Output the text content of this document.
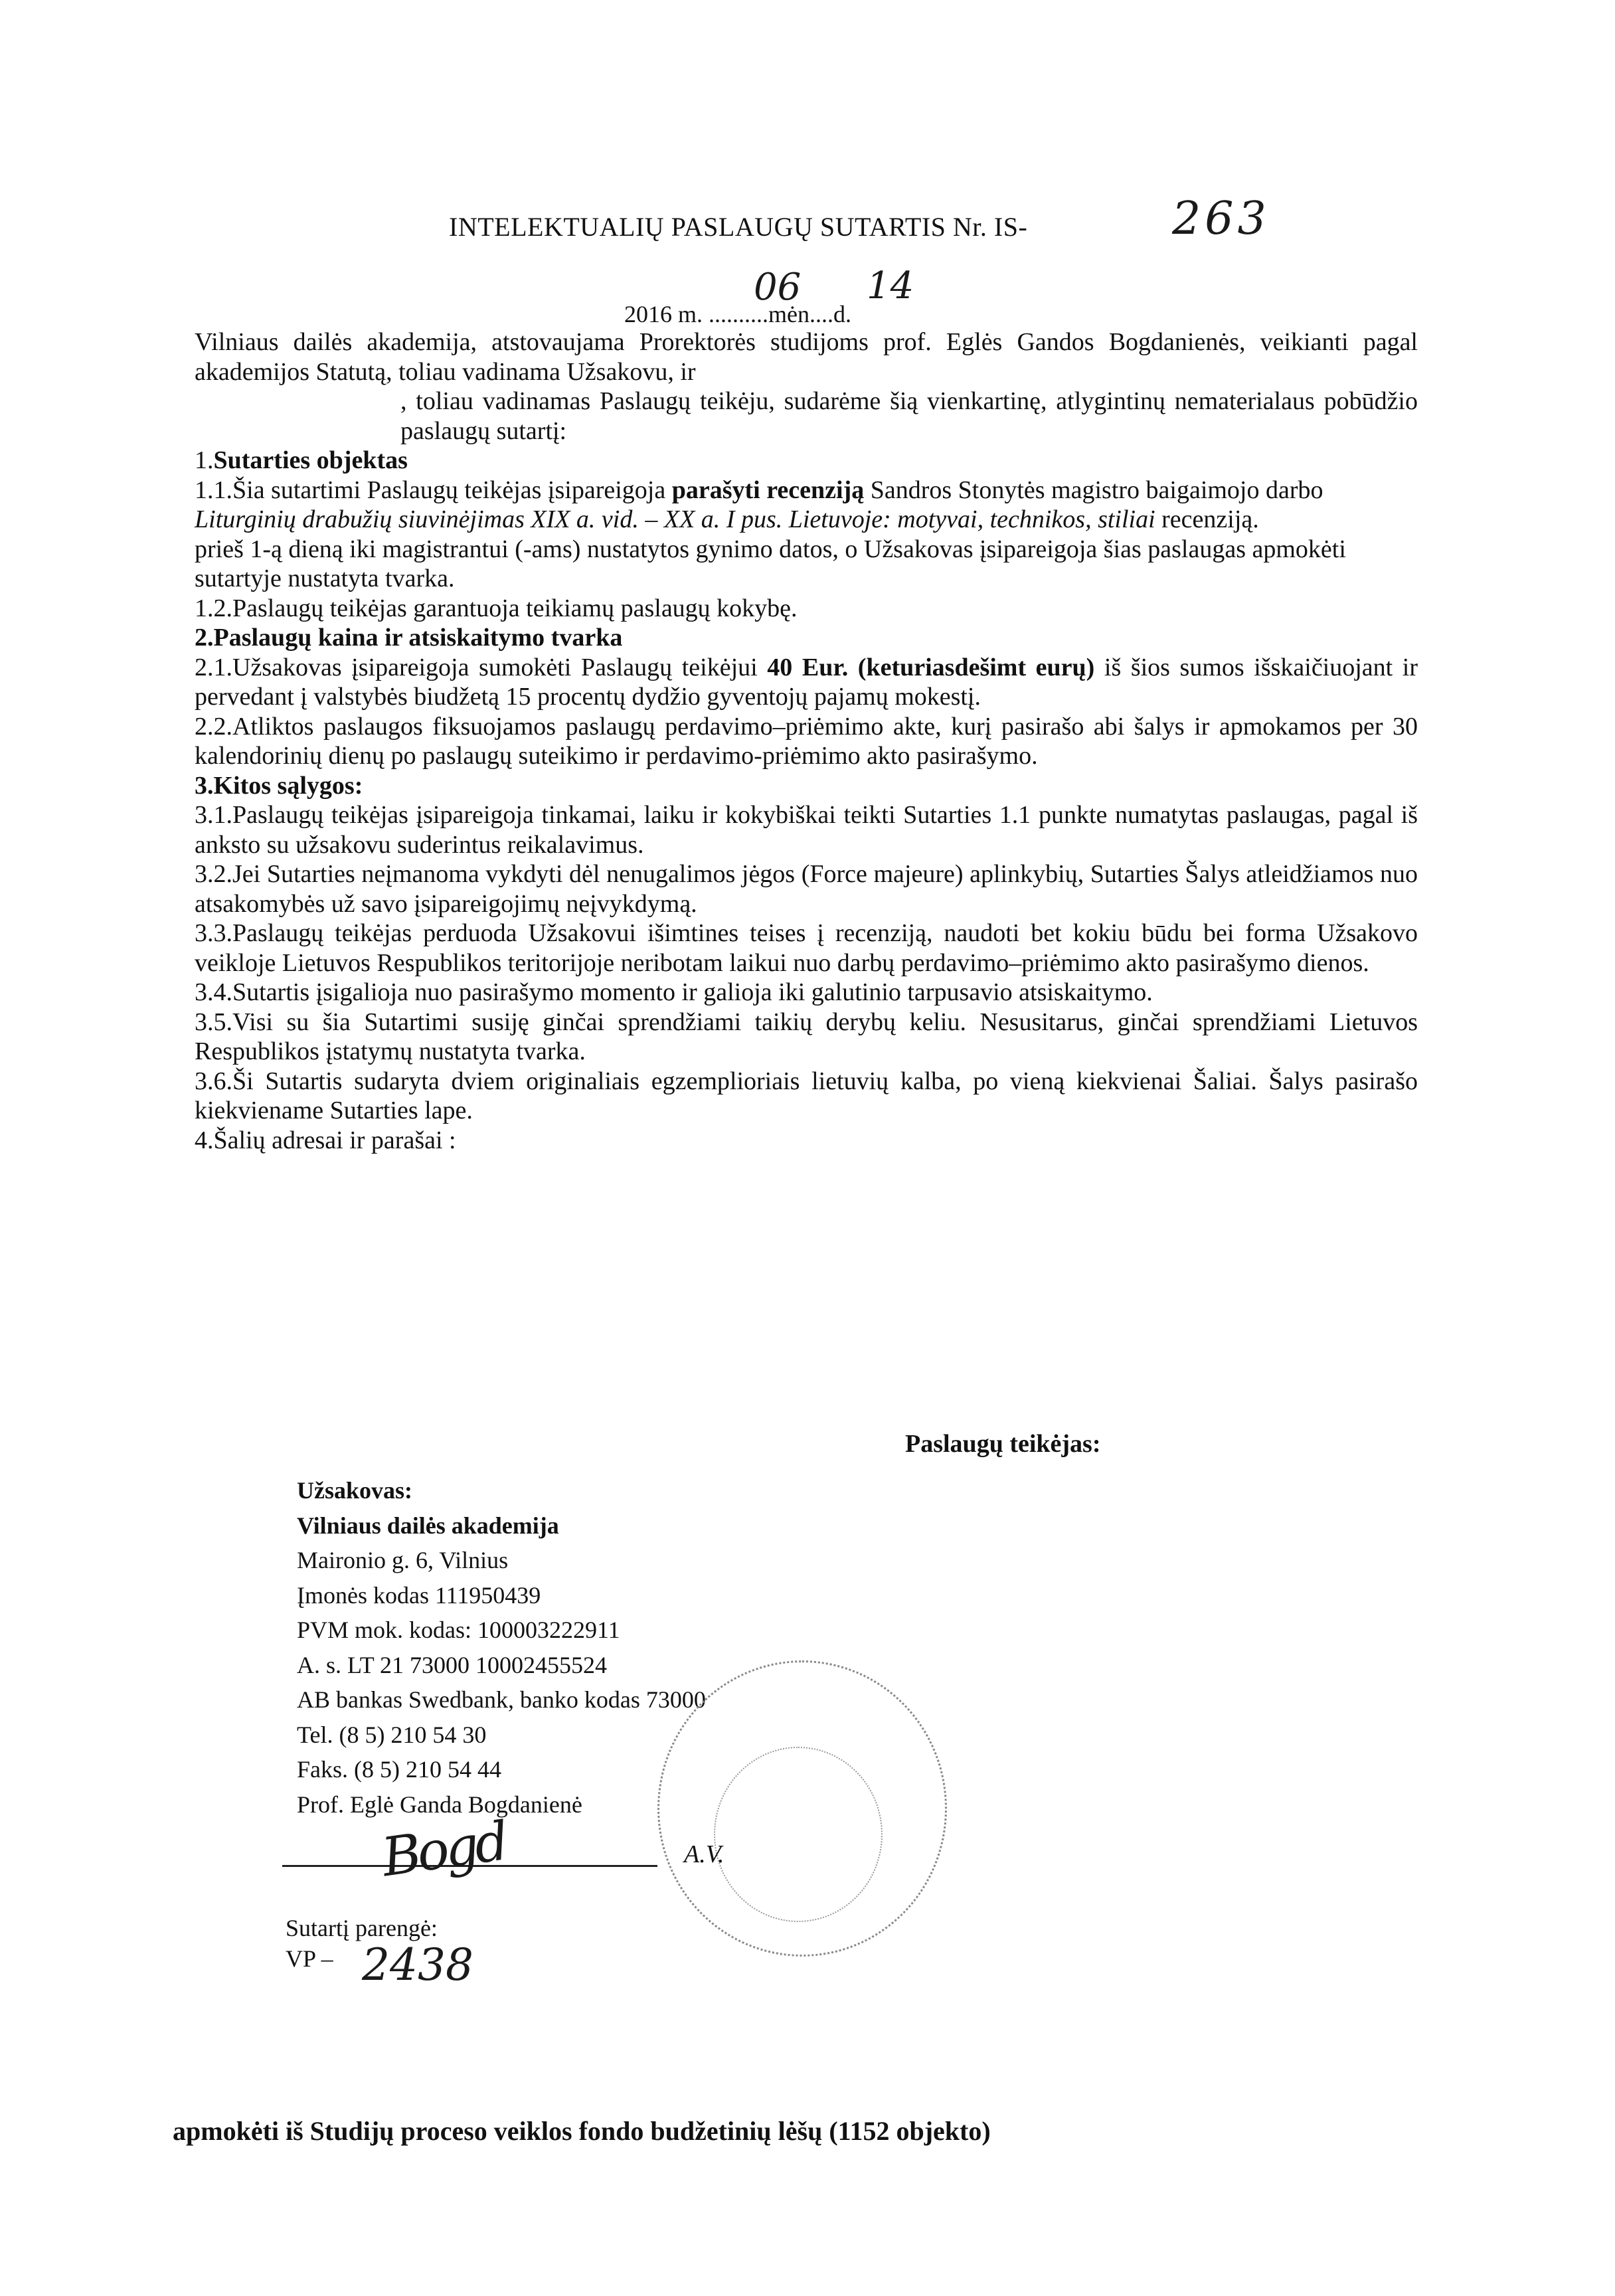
INTELEKTUALIŲ PASLAUGŲ SUTARTIS Nr. IS-	263
2016 m. ..........mėn....d.
06 14

Vilniaus dailės akademija, atstovaujama Prorektorės studijoms prof. Eglės Gandos Bogdanienės, veikianti pagal akademijos Statutą, toliau vadinama Užsakovu, ir

, toliau vadinamas Paslaugų teikėju, sudarėme šią vienkartinę, atlygintinų nematerialaus pobūdžio paslaugų sutartį:

1.Sutarties objektas

1.1.Šia sutartimi Paslaugų teikėjas įsipareigoja parašyti recenziją Sandros Stonytės magistro baigaimojo darbo Liturginių drabužių siuvinėjimas XIX a. vid. – XX a. I pus. Lietuvoje: motyvai, technikos, stiliai recenziją.

prieš 1-ą dieną iki magistrantui (-ams) nustatytos gynimo datos, o Užsakovas įsipareigoja šias paslaugas apmokėti sutartyje nustatyta tvarka.

1.2.Paslaugų teikėjas garantuoja teikiamų paslaugų kokybę.

2.Paslaugų kaina ir atsiskaitymo tvarka

2.1.Užsakovas įsipareigoja sumokėti Paslaugų teikėjui 40 Eur. (keturiasdešimt eurų) iš šios sumos išskaičiuojant ir pervedant į valstybės biudžetą 15 procentų dydžio gyventojų pajamų mokestį.

2.2.Atliktos paslaugos fiksuojamos paslaugų perdavimo–priėmimo akte, kurį pasirašo abi šalys ir apmokamos per 30 kalendorinių dienų po paslaugų suteikimo ir perdavimo-priėmimo akto pasirašymo.

3.Kitos sąlygos:

3.1.Paslaugų teikėjas įsipareigoja tinkamai, laiku ir kokybiškai teikti Sutarties 1.1 punkte numatytas paslaugas, pagal iš anksto su užsakovu suderintus reikalavimus.

3.2.Jei Sutarties neįmanoma vykdyti dėl nenugalimos jėgos (Force majeure) aplinkybių, Sutarties Šalys atleidžiamos nuo atsakomybės už savo įsipareigojimų neįvykdymą.

3.3.Paslaugų teikėjas perduoda Užsakovui išimtines teises į recenziją, naudoti bet kokiu būdu bei forma Užsakovo veikloje Lietuvos Respublikos teritorijoje neribotam laikui nuo darbų perdavimo–priėmimo akto pasirašymo dienos.

3.4.Sutartis įsigalioja nuo pasirašymo momento ir galioja iki galutinio tarpusavio atsiskaitymo.

3.5.Visi su šia Sutartimi susiję ginčai sprendžiami taikių derybų keliu. Nesusitarus, ginčai sprendžiami Lietuvos Respublikos įstatymų nustatyta tvarka.

3.6.Ši Sutartis sudaryta dviem originaliais egzemplioriais lietuvių kalba, po vieną kiekvienai Šaliai. Šalys pasirašo kiekviename Sutarties lape.

4.Šalių adresai ir parašai :

Paslaugų teikėjas:
Užsakovas:
Vilniaus dailės akademija
Maironio g. 6, Vilnius
Įmonės kodas 111950439
PVM mok. kodas: 100003222911
A. s. LT 21 73000 10002455524
AB bankas Swedbank, banko kodas 73000
Tel. (8 5) 210 54 30
Faks. (8 5) 210 54 44
Prof. Eglė Ganda Bogdanienė
Bogd	A.V.
Sutartį parengė:
VP – 2438
apmokėti iš Studijų proceso veiklos fondo budžetinių lėšų (1152 objekto)
